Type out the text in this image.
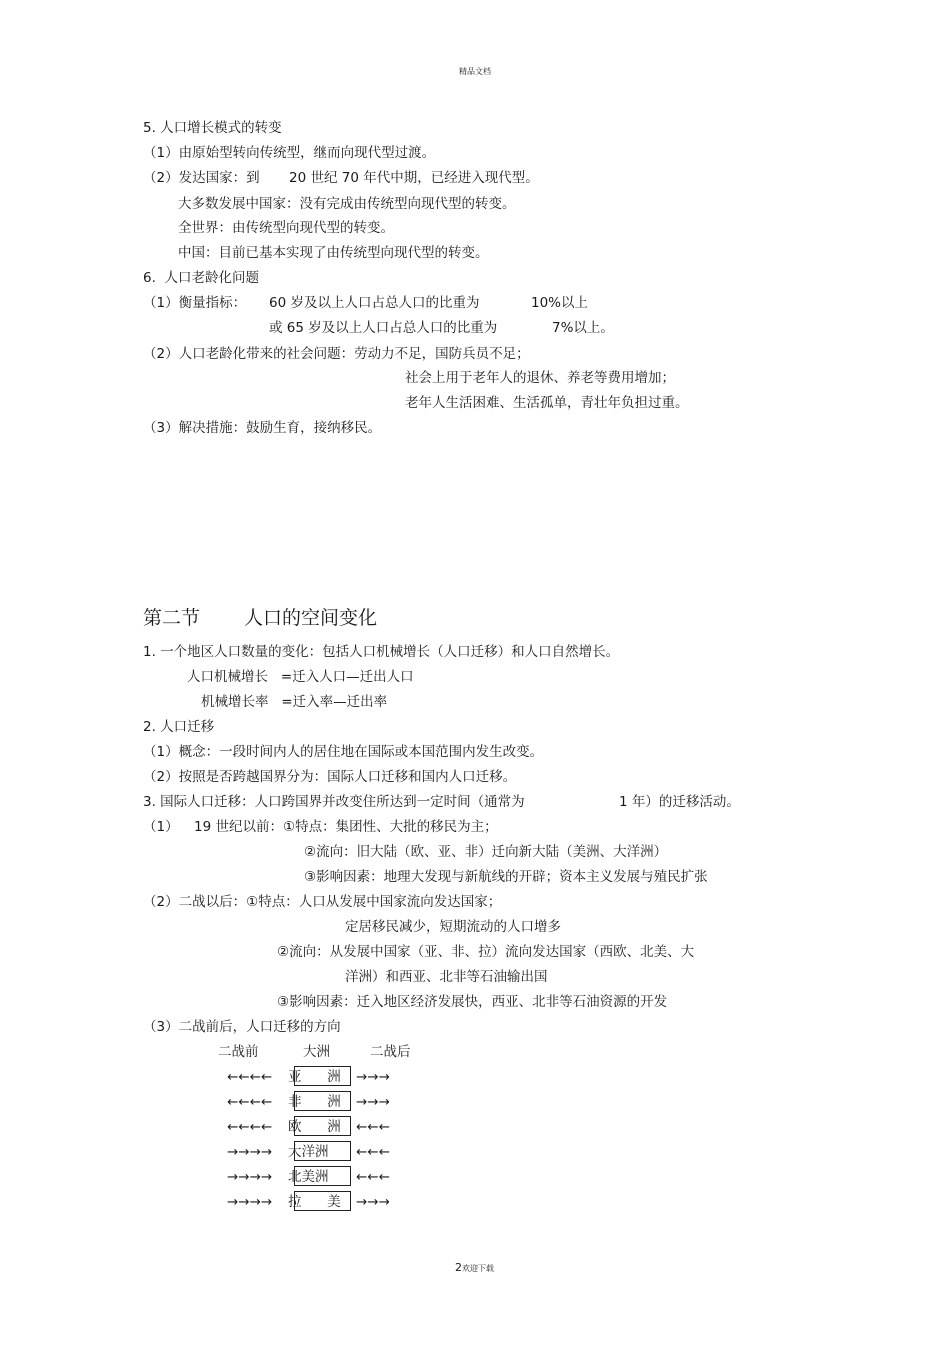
精品文档
5. 人口增长模式的转变
（1）由原始型转向传统型，继而向现代型过渡。
（2）发达国家：到 20 世纪 70 年代中期，已经进入现代型。
大多数发展中国家：没有完成由传统型向现代型的转变。
全世界：由传统型向现代型的转变。
中国：目前已基本实现了由传统型向现代型的转变。
6.  人口老龄化问题
（1）衡量指标： 60 岁及以上人口占总人口的比重为	10%以上
或 65 岁及以上人口占总人口的比重为	7%以上。
（2）人口老龄化带来的社会问题：劳动力不足，国防兵员不足；
社会上用于老年人的退休、养老等费用增加；
老年人生活困难、生活孤单，青壮年负担过重。
（3）解决措施：鼓励生育，接纳移民。
第二节 人口的空间变化
1. 一个地区人口数量的变化：包括人口机械增长（人口迁移）和人口自然增长。
人口机械增长   =迁入人口—迁出人口
机械增长率   =迁入率—迁出率
2. 人口迁移
（1）概念：一段时间内人的居住地在国际或本国范围内发生改变。
（2）按照是否跨越国界分为：国际人口迁移和国内人口迁移。
3. 国际人口迁移：人口跨国界并改变住所达到一定时间（通常为	1 年）的迁移活动。
（1） 19 世纪以前：①特点：集团性、大批的移民为主；
②流向：旧大陆（欧、亚、非）迁向新大陆（美洲、大洋洲）
③影响因素：地理大发现与新航线的开辟；资本主义发展与殖民扩张
（2）二战以后：①特点：人口从发展中国家流向发达国家；
定居移民减少，短期流动的人口增多
②流向：从发展中国家（亚、非、拉）流向发达国家（西欧、北美、大
洋洲）和西亚、北非等石油输出国
③影响因素：迁入地区经济发展快，西亚、北非等石油资源的开发
（3）二战前后，人口迁移的方向
二战前	大洲	二战后
←←←← 亚      洲 →→→
←←←← 非      洲 →→→
←←←← 欧      洲 ←←←
→→→→ 大洋洲 ←←←
→→→→ 北美洲 ←←←
→→→→ 拉      美 →→→
2 欢迎下载
